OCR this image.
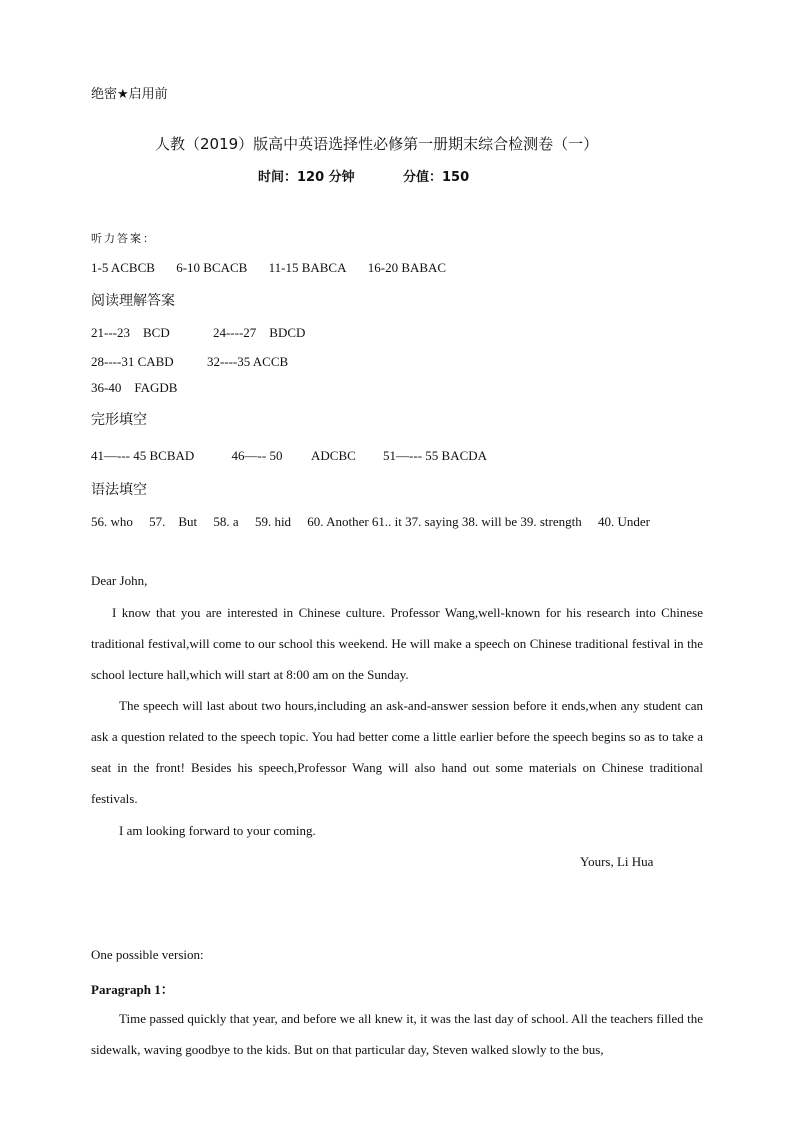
绝密★启用前
人教（2019）版高中英语选择性必修第一册期末综合检测卷（一）
时间：120 分钟	分值：150
听力答案：
1-5 ACBCB 6-10 BCACB 11-15 BABCA 16-20 BABAC
阅读理解答案
21---23　BCD	24----27　BDCD
28----31 CABD	32----35 ACCB
36-40　FAGDB
完形填空
41—--- 45 BCBAD	46—-- 50 ADCBC 51—--- 55 BACDA
语法填空
56. who　 57.　But　 58. a　 59. hid　 60. Another 61.. it 37. saying 38. will be 39. strength　 40. Under
Dear John,
I know that you are interested in Chinese culture. Professor Wang,well-known for his research into Chinese traditional festival,will come to our school this weekend. He will make a speech on Chinese traditional festival in the school lecture hall,which will start at 8:00 am on the Sunday.
The speech will last about two hours,including an ask-and-answer session before it ends,when any student can ask a question related to the speech topic. You had better come a little earlier before the speech begins so as to take a seat in the front! Besides his speech,Professor Wang will also hand out some materials on Chinese traditional festivals.
I am looking forward to your coming.
Yours, Li Hua
One possible version:
Paragraph 1：
Time passed quickly that year, and before we all knew it, it was the last day of school. All the teachers filled the sidewalk, waving goodbye to the kids. But on that particular day, Steven walked slowly to the bus,
